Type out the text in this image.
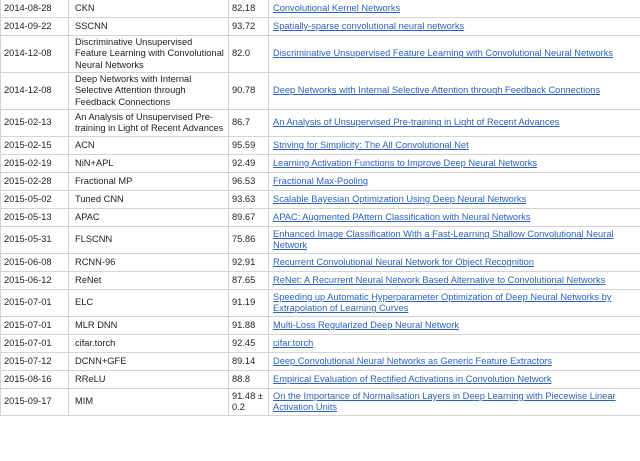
2014-08-28	CKN	82.18	Convolutional Kernel Networks
2014-09-22	SSCNN	93.72	Spatially-sparse convolutional neural networks
2014-12-08	Discriminative Unsupervised Feature Learning with Convolutional Neural Networks	82.0	Discriminative Unsupervised Feature Learning with Convolutional Neural Networks
2014-12-08	Deep Networks with Internal Selective Attention through Feedback Connections	90.78	Deep Networks with Internal Selective Attention through Feedback Connections
2015-02-13	An Analysis of Unsupervised Pre-training in Light of Recent Advances	86.7	An Analysis of Unsupervised Pre-training in Light of Recent Advances
2015-02-15	ACN	95.59	Striving for Simplicity: The All Convolutional Net
2015-02-19	NiN+APL	92.49	Learning Activation Functions to Improve Deep Neural Networks
2015-02-28	Fractional MP	96.53	Fractional Max-Pooling
2015-05-02	Tuned CNN	93.63	Scalable Bayesian Optimization Using Deep Neural Networks
2015-05-13	APAC	89.67	APAC: Augmented PAttern Classification with Neural Networks
2015-05-31	FLSCNN	75.86	Enhanced Image Classification With a Fast-Learning Shallow Convolutional Neural Network
2015-06-08	RCNN-96	92.91	Recurrent Convolutional Neural Network for Object Recognition
2015-06-12	ReNet	87.65	ReNet: A Recurrent Neural Network Based Alternative to Convolutional Networks
2015-07-01	ELC	91.19	Speeding up Automatic Hyperparameter Optimization of Deep Neural Networks by Extrapolation of Learning Curves
2015-07-01	MLR DNN	91.88	Multi-Loss Regularized Deep Neural Network
2015-07-01	cifar.torch	92.45	cifar.torch
2015-07-12	DCNN+GFE	89.14	Deep Convolutional Neural Networks as Generic Feature Extractors
2015-08-16	RReLU	88.8	Empirical Evaluation of Rectified Activations in Convolution Network
2015-09-17	MIM	91.48 ± 0.2	On the Importance of Normalisation Layers in Deep Learning with Piecewise Linear Activation Units
